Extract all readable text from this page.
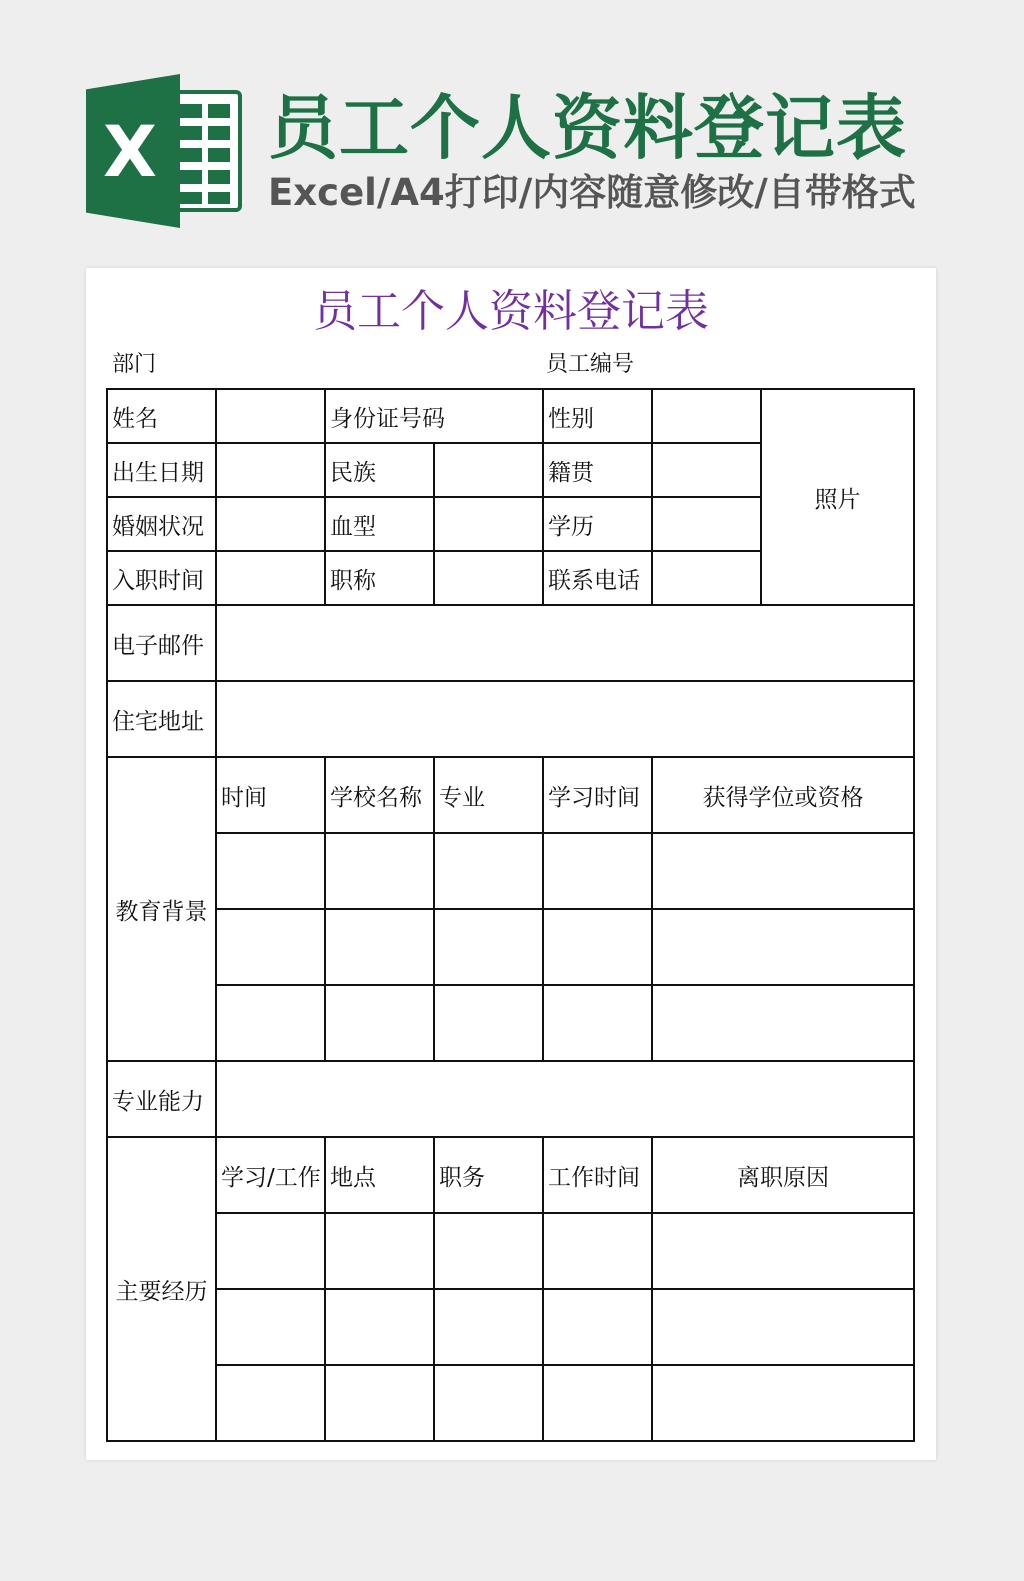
X 员工个人资料登记表
Excel/A4打印/内容随意修改/自带格式
员工个人资料登记表
部门	员工编号
姓名		身份证号码		性别		照片
出生日期		民族		籍贯		
婚姻状况		血型		学历		
入职时间		职称		联系电话		
电子邮件						
住宅地址						
教育背景	时间	学校名称	专业	学习时间	获得学位或资格	

专业能力						
主要经历	学习/工作	地点	职务	工作时间	离职原因	
